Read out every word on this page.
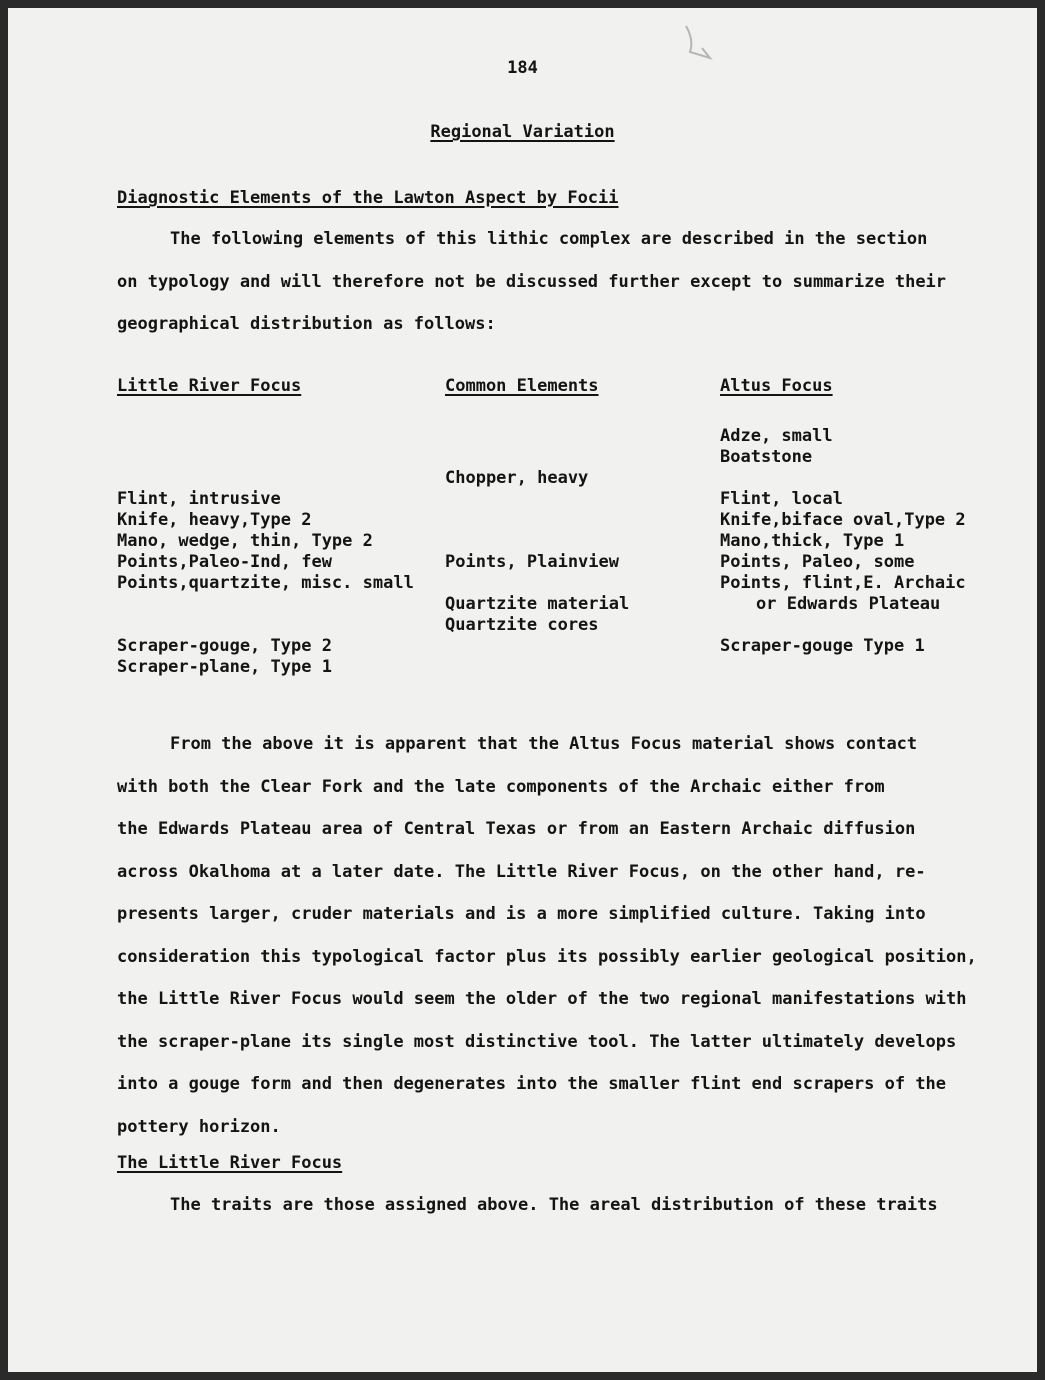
184
Regional Variation
Diagnostic Elements of the Lawton Aspect by Focii
The following elements of this lithic complex are described in the section
on typology and will therefore not be discussed further except to summarize their
geographical distribution as follows:
Little River Focus	Common Elements	Altus Focus
Flint, intrusive
Knife, heavy,Type 2
Mano, wedge, thin, Type 2
Points,Paleo-Ind, few
Points,quartzite, misc. small
Scraper-gouge, Type 2
Scraper-plane, Type 1
Chopper, heavy
Points, Plainview
Quartzite material
Quartzite cores
Adze, small
Boatstone
Flint, local
Knife,biface oval,Type 2
Mano,thick, Type 1
Points, Paleo, some
Points, flint,E. Archaic
or Edwards Plateau
Scraper-gouge Type 1
From the above it is apparent that the Altus Focus material shows contact
with both the Clear Fork and the late components of the Archaic either from
the Edwards Plateau area of Central Texas or from an Eastern Archaic diffusion
across Okalhoma at a later date. The Little River Focus, on the other hand, re-
presents larger, cruder materials and is a more simplified culture. Taking into
consideration this typological factor plus its possibly earlier geological position,
the Little River Focus would seem the older of the two regional manifestations with
the scraper-plane its single most distinctive tool. The latter ultimately develops
into a gouge form and then degenerates into the smaller flint end scrapers of the
pottery horizon.
The Little River Focus
The traits are those assigned above. The areal distribution of these traits
